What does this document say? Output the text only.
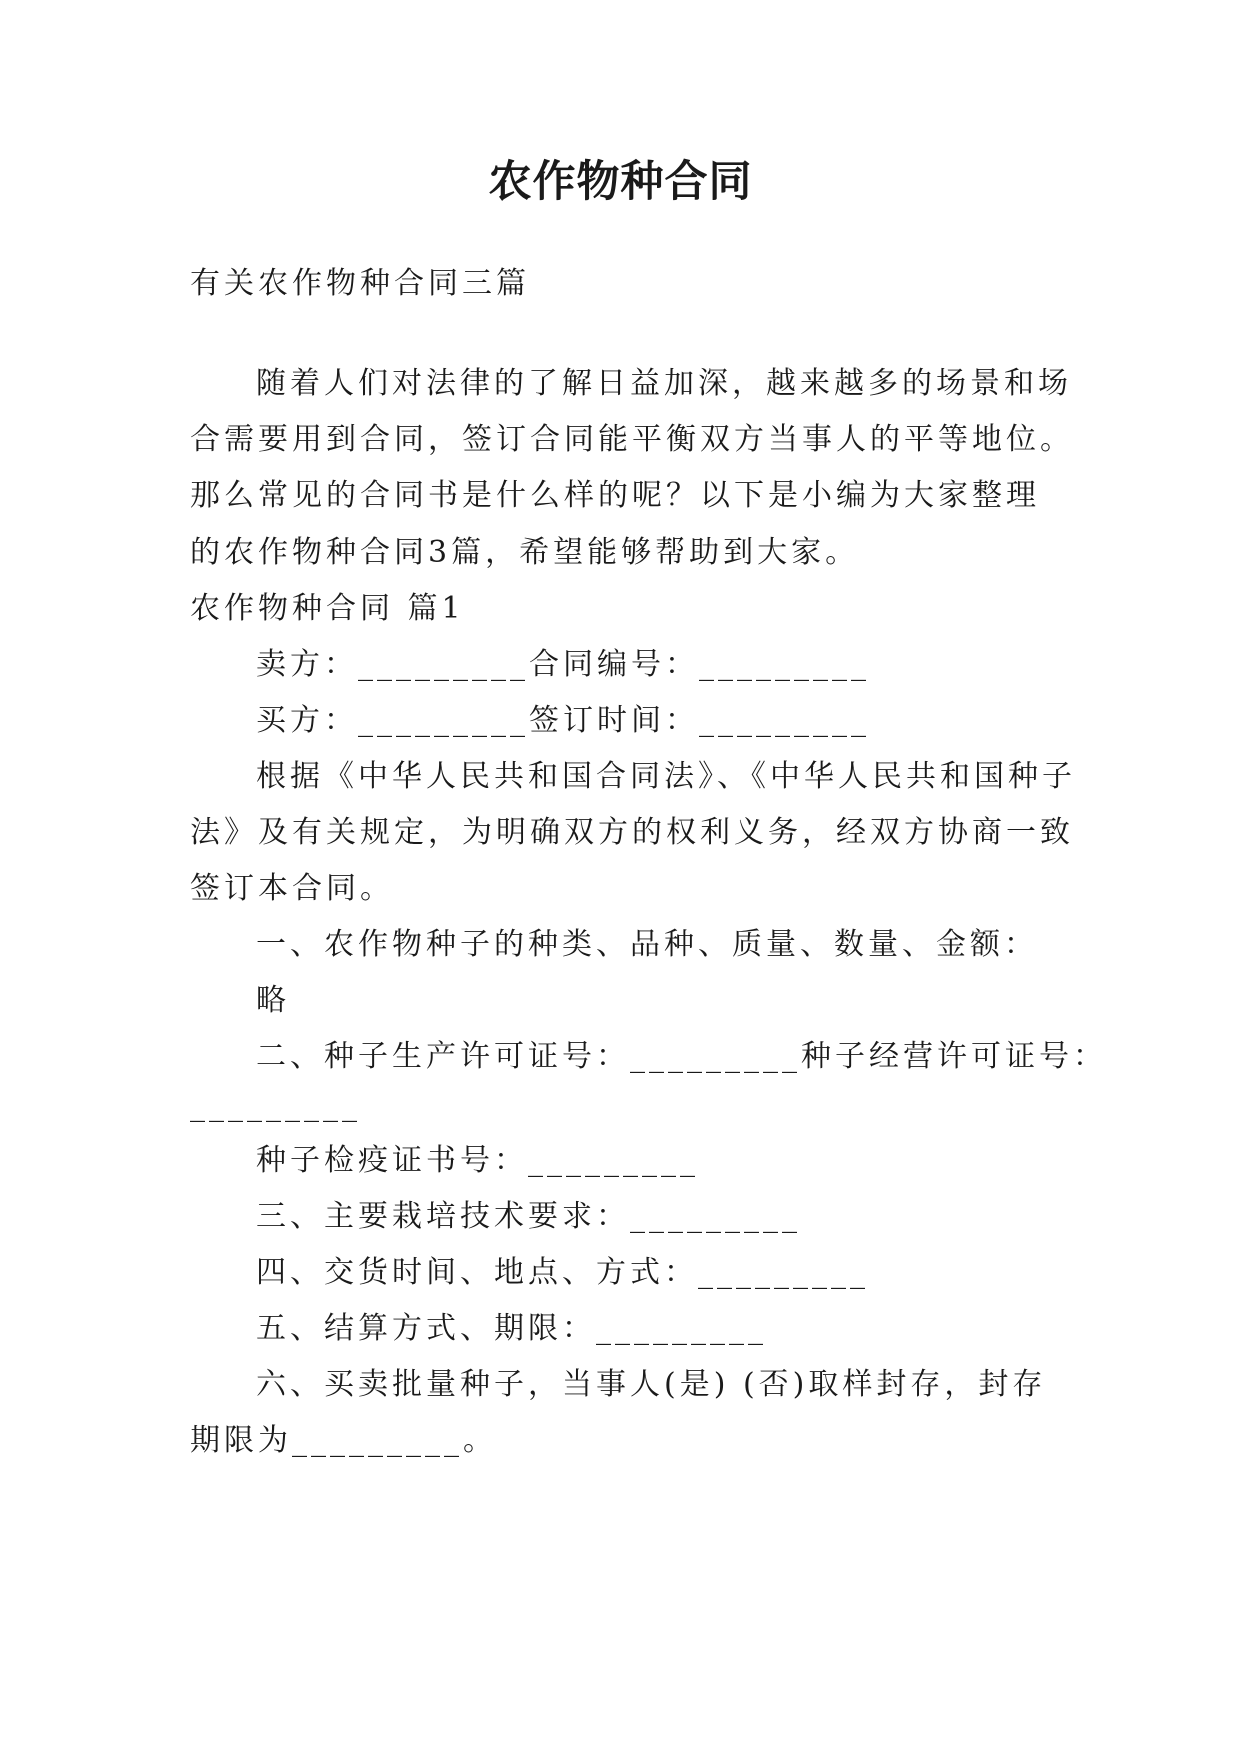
农作物种合同
有关农作物种合同三篇
随着人们对法律的了解日益加深，越来越多的场景和场
合需要用到合同，签订合同能平衡双方当事人的平等地位。
那么常见的合同书是什么样的呢？以下是小编为大家整理
的农作物种合同3篇，希望能够帮助到大家。
农作物种合同 篇1
卖方：_________合同编号：_________
买方：_________签订时间：_________
根据《中华人民共和国合同法》、《中华人民共和国种子
法》及有关规定，为明确双方的权利义务，经双方协商一致
签订本合同。
一、农作物种子的种类、品种、质量、数量、金额：
略
二、种子生产许可证号：_________种子经营许可证号：
_________
种子检疫证书号：_________
三、主要栽培技术要求：_________
四、交货时间、地点、方式：_________
五、结算方式、期限：_________
六、买卖批量种子，当事人(是) (否)取样封存，封存
期限为_________。
